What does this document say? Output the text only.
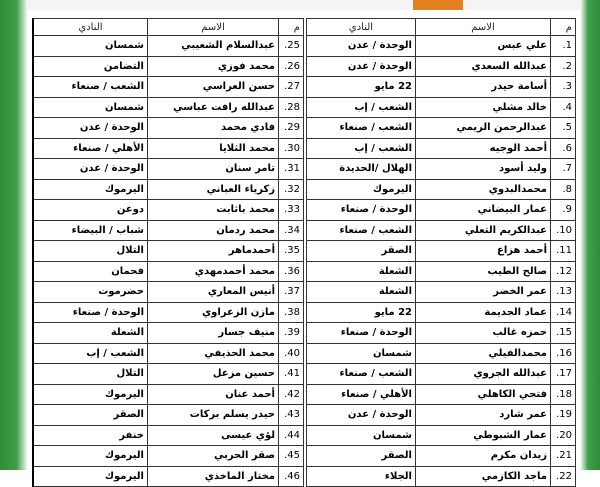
م	الاسم	النادي
1.	علي عبس	الوحدة / عدن
2.	عبدالله السعدي	الوحدة / عدن
3.	أسامة حيدر	22 مايو
4.	خالد مشلي	الشعب / إب
5.	عبدالرحمن الريمي	الشعب / صنعاء
6.	أحمد الوجيه	الشعب / إب
7.	وليد أسود	الهلال /الحديدة
8.	محمدالبدوي	اليرموك
9.	عمار البيضاني	الوحدة / صنعاء
10.	عبدالكريم التعلي	الشعب / صنعاء
11.	أحمد هزاع	الصقر
12.	صالح الطيب	الشعلة
13.	عمر الخضر	الشعلة
14.	عماد الجديمة	22 مايو
15.	حمزه غالب	الوحدة / صنعاء
16.	محمدالفيلي	شمسان
17.	عبدالله الجروي	الشعب / صنعاء
18.	فتحي الكاهلي	الأهلي / صنعاء
19.	عمر شارد	الوحدة / عدن
20.	عمار الشبوطي	شمسان
21.	زيدان مكرم	الصقر
22.	ماجد الكازمي	الجلاء
م	الاسم	النادي
25.	عبدالسلام الشعيبي	شمسان
26.	محمد فوزي	التضامن
27.	حسن العراسي	الشعب / صنعاء
28.	عبدالله رافت عباسي	شمسان
29.	فادي محمد	الوحدة / عدن
30.	محمد الثلايا	الأهلي / صنعاء
31.	تامر سنان	الوحدة / عدن
32.	زكرياء العباني	اليرموك
33.	محمد باثابت	دوعن
34.	محمد ردمان	شباب / البيضاء
35.	أحمدماهر	التلال
36.	محمد أحمدمهدي	فحمان
37.	أنيس المعاري	حضرموت
38.	مازن الزعراوي	الوحدة / صنعاء
39.	منيف جسار	الشعلة
40.	محمد الحذيفي	الشعب / إب
41.	حسين مزعل	التلال
42.	أحمد عنان	اليرموك
43.	حيدر يسلم بركات	الصقر
44.	لؤي عيسى	خنفر
45.	صقر الحربي	اليرموك
46.	مختار الماخذي	اليرموك
